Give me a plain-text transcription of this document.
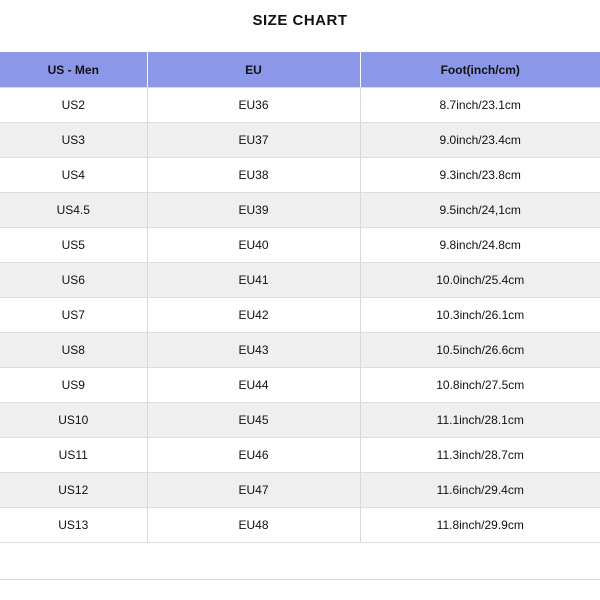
SIZE CHART
US - Men	EU	Foot(inch/cm)
US2	EU36	8.7inch/23.1cm
US3	EU37	9.0inch/23.4cm
US4	EU38	9.3inch/23.8cm
US4.5	EU39	9.5inch/24,1cm
US5	EU40	9.8inch/24.8cm
US6	EU41	10.0inch/25.4cm
US7	EU42	10.3inch/26.1cm
US8	EU43	10.5inch/26.6cm
US9	EU44	10.8inch/27.5cm
US10	EU45	11.1inch/28.1cm
US11	EU46	11.3inch/28.7cm
US12	EU47	11.6inch/29.4cm
US13	EU48	11.8inch/29.9cm
